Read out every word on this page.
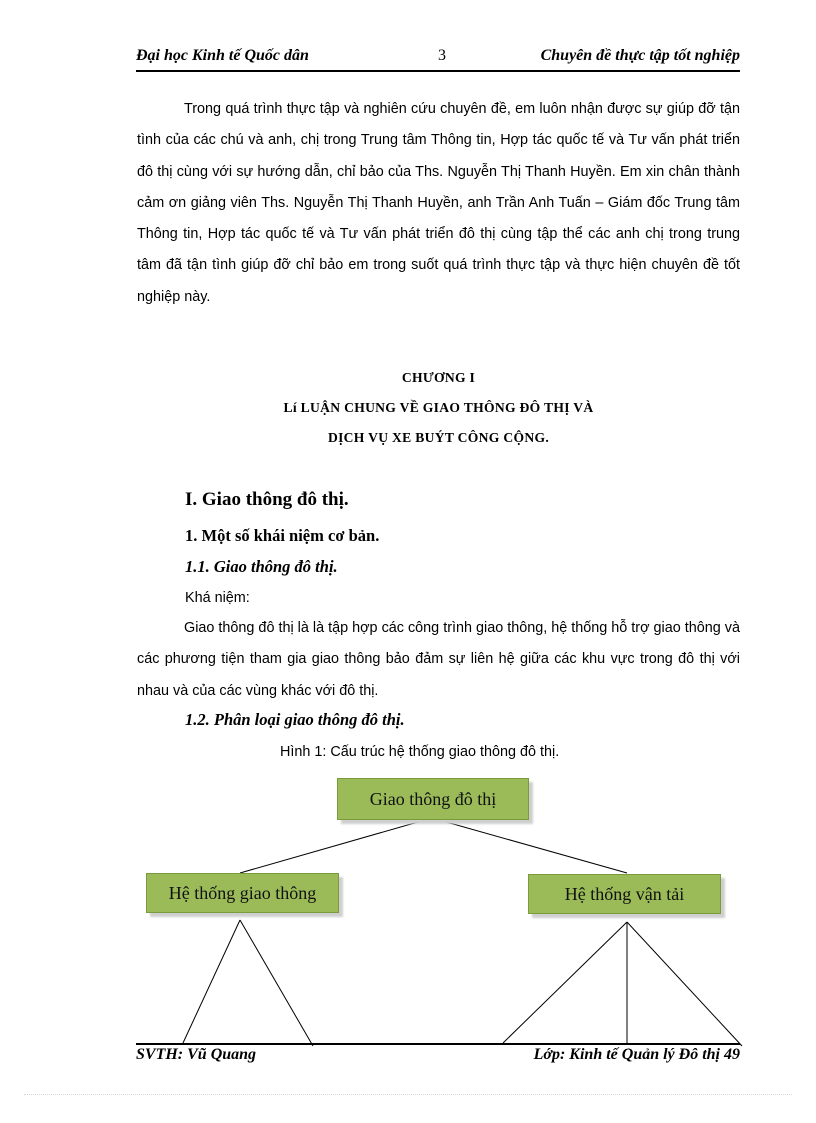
Đại học Kinh tế Quốc dân	3	Chuyên đề thực tập tốt nghiệp

Trong quá trình thực tập và nghiên cứu chuyên đề, em luôn nhận được sự giúp đỡ tận tình của các chú và anh, chị trong Trung tâm Thông tin, Hợp tác quốc tế và Tư vấn phát triển đô thị cùng với sự hướng dẫn, chỉ bảo của Ths. Nguyễn Thị Thanh Huyền. Em xin chân thành cảm ơn giảng viên Ths. Nguyễn Thị Thanh Huyền, anh Trần Anh Tuấn – Giám đốc Trung tâm Thông tin, Hợp tác quốc tế và Tư vấn phát triển đô thị cùng tập thể các anh chị trong trung tâm đã tận tình giúp đỡ chỉ bảo em trong suốt quá trình thực tập và thực hiện chuyên đề tốt nghiệp này.

CHƯƠNG I
Lí LUẬN CHUNG VỀ GIAO THÔNG ĐÔ THỊ VÀ
DỊCH VỤ XE BUÝT CÔNG CỘNG.
I. Giao thông đô thị.
1. Một số khái niệm cơ bản.
1.1. Giao thông đô thị.
Khá niệm:

Giao thông đô thị là là tập hợp các công trình giao thông, hệ thống hỗ trợ giao thông và các phương tiện tham gia giao thông bảo đảm sự liên hệ giữa các khu vực trong đô thị với nhau và của các vùng khác với đô thị.

1.2. Phân loại giao thông đô thị.
Hình 1: Cấu trúc hệ thống giao thông đô thị.
Giao thông đô thị
Hệ thống giao thông	Hệ thống vận tải
SVTH: Vũ Quang	Lớp: Kinh tế Quản lý Đô thị 49
